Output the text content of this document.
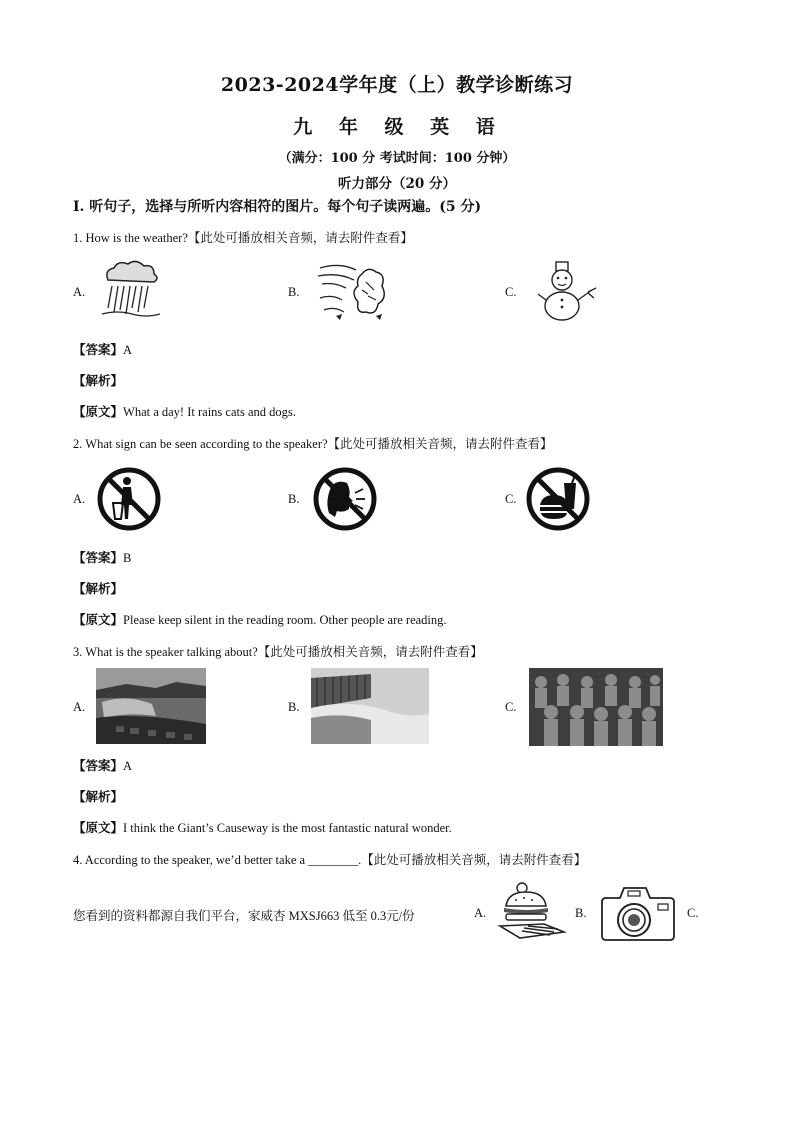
2023-2024学年度（上）教学诊断练习
九 年 级 英 语
（满分：100 分 考试时间：100 分钟）
听力部分（20 分）
I. 听句子，选择与所听内容相符的图片。每个句子读两遍。(5 分)
1. How is the weather?【此处可播放相关音频，请去附件查看】
A.	B.	C.
【答案】A
【解析】
【原文】What a day! It rains cats and dogs.
2. What sign can be seen according to the speaker?【此处可播放相关音频，请去附件查看】
A.	B.	C.
【答案】B
【解析】
【原文】Please keep silent in the reading room. Other people are reading.
3. What is the speaker talking about?【此处可播放相关音频，请去附件查看】
A.	B.	C.
【答案】A
【解析】
【原文】I think the Giant’s Causeway is the most fantastic natural wonder.
4. According to the speaker, we’d better take a ________.【此处可播放相关音频，请去附件查看】
您看到的资料都源自我们平台，家威杏 MXSJ663 低至 0.3元/份	A.	B.	C.
